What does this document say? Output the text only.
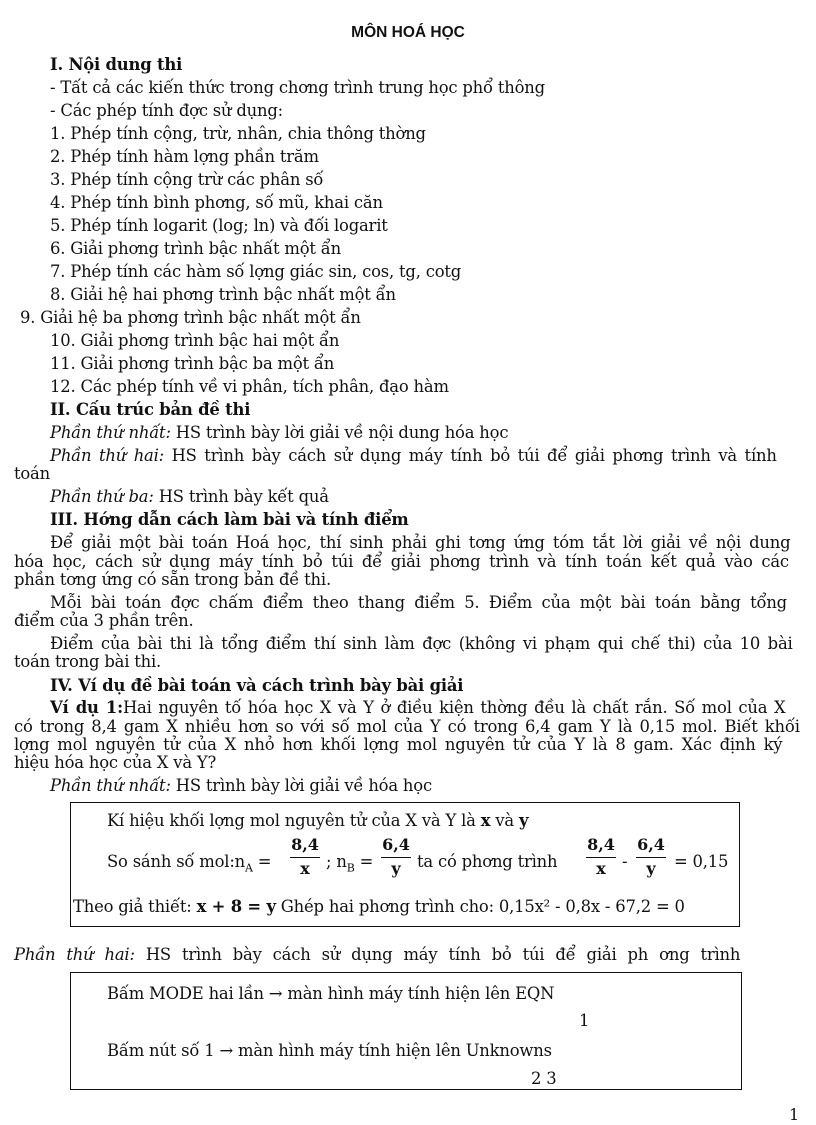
MÔN HOÁ HỌC
I. Nội dung thi
- Tất cả các kiến thức trong chơng trình trung học phổ thông
- Các phép tính đợc sử dụng:
1. Phép tính cộng, trừ, nhân, chia thông thờng
2. Phép tính hàm lợng phần trăm
3. Phép tính cộng trừ các phân số
4. Phép tính bình phơng, số mũ, khai căn
5. Phép tính logarit (log; ln) và đối logarit
6. Giải phơng trình bậc nhất một ẩn
7. Phép tính các hàm số lợng giác sin, cos, tg, cotg
8. Giải hệ hai phơng trình bậc nhất một ẩn
9. Giải hệ ba phơng trình bậc nhất một ẩn
10. Giải phơng trình bậc hai một ẩn
11. Giải phơng trình bậc ba một ẩn
12. Các phép tính về vi phân, tích phân, đạo hàm
II. Cấu trúc bản đề thi
Phần thứ nhất: HS trình bày lời giải về nội dung hóa học
Phần thứ hai: HS trình bày cách sử dụng máy tính bỏ túi để giải phơng trình và tính
toán
Phần thứ ba: HS trình bày kết quả
III. Hớng dẫn cách làm bài và tính điểm
Để giải một bài toán Hoá học, thí sinh phải ghi tơng ứng tóm tắt lời giải về nội dung
hóa học, cách sử dụng máy tính bỏ túi để giải phơng trình và tính toán kết quả vào các
phần tơng ứng có sẵn trong bản đề thi.
Mỗi bài toán đợc chấm điểm theo thang điểm 5. Điểm của một bài toán bằng tổng
điểm của 3 phần trên.
Điểm của bài thi là tổng điểm thí sinh làm đợc (không vi phạm qui chế thi) của 10 bài
toán trong bài thi.
IV. Ví dụ đề bài toán và cách trình bày bài giải
Ví dụ 1:Hai nguyên tố hóa học X và Y ở điều kiện thờng đều là chất rắn. Số mol của X
có trong 8,4 gam X nhiều hơn so với số mol của Y có trong 6,4 gam Y là 0,15 mol. Biết khối
lợng mol nguyên tử của X nhỏ hơn khối lợng mol nguyên tử của Y là 8 gam. Xác định ký
hiệu hóa học của X và Y?
Phần thứ nhất: HS trình bày lời giải về hóa học
Kí hiệu khối lợng mol nguyên tử của X và Y là x và y
So sánh số $mol:n_A$ =
8,4
x ; $n_B$ =
6,4
y ta có phơng trình
8,4
x -
6,4
y	= 0,15
Theo giả thiết: x + 8 = y Ghép hai phơng trình cho: 0,15x² - 0,8x - 67,2 = 0
Phần thứ hai: HS trình bày cách sử dụng máy tính bỏ túi để giải ph ơng trình
Bấm MODE hai lần → màn hình máy tính hiện lên EQN
1
Bấm nút số 1 → màn hình máy tính hiện lên Unknowns
2 3
1
